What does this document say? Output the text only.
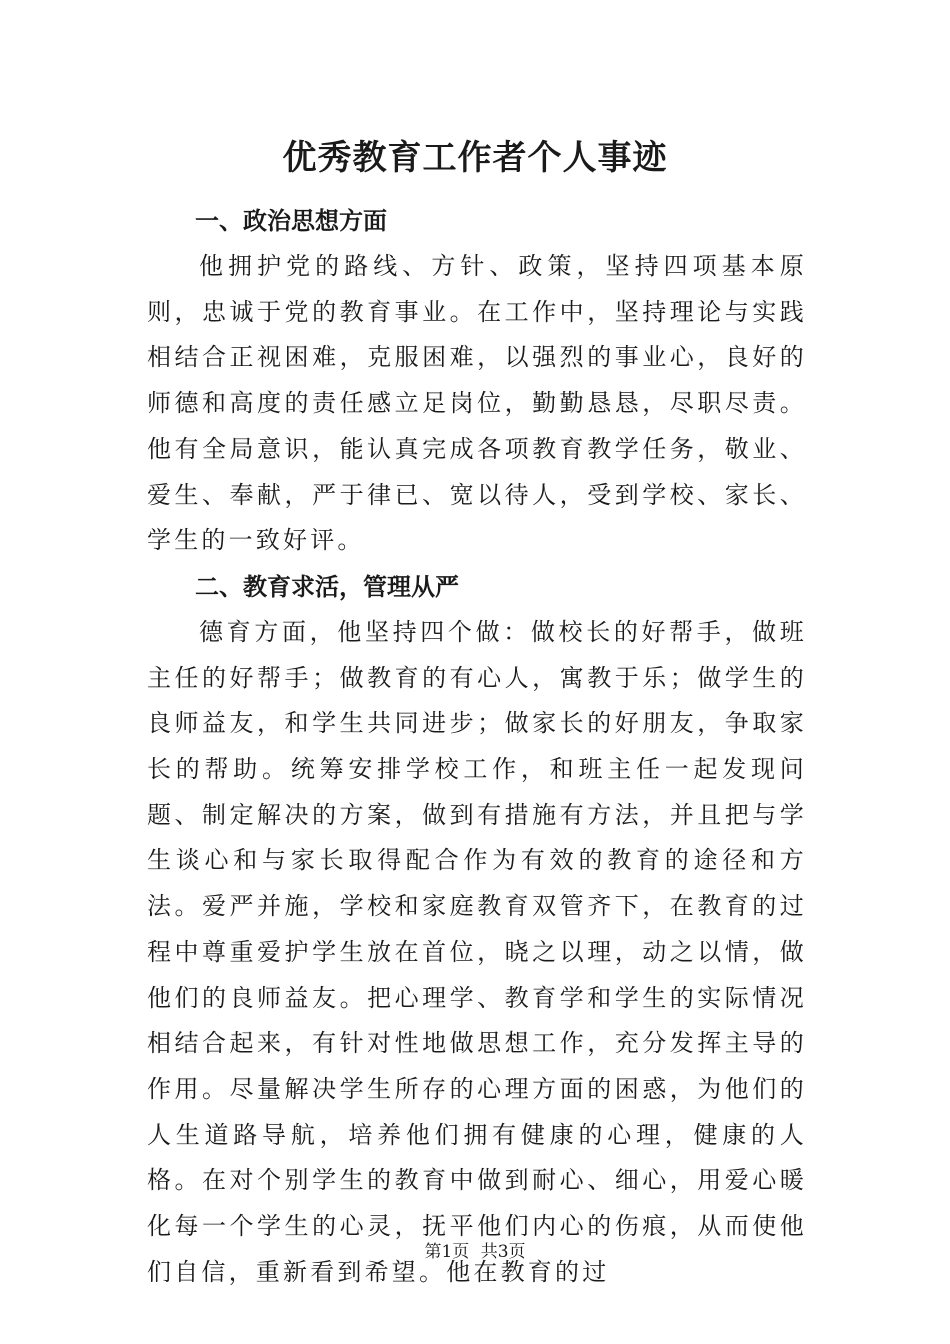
优秀教育工作者个人事迹

一、政治思想方面

他拥护党的路线、方针、政策，坚持四项基本原则，忠诚于党的教育事业。在工作中，坚持理论与实践相结合正视困难，克服困难，以强烈的事业心，良好的师德和高度的责任感立足岗位，勤勤恳恳，尽职尽责。他有全局意识，能认真完成各项教育教学任务，敬业、爱生、奉献，严于律已、宽以待人，受到学校、家长、学生的一致好评。

二、教育求活，管理从严

德育方面，他坚持四个做：做校长的好帮手，做班主任的好帮手；做教育的有心人，寓教于乐；做学生的良师益友，和学生共同进步；做家长的好朋友，争取家长的帮助。统筹安排学校工作，和班主任一起发现问题、制定解决的方案，做到有措施有方法，并且把与学生谈心和与家长取得配合作为有效的教育的途径和方法。爱严并施，学校和家庭教育双管齐下，在教育的过程中尊重爱护学生放在首位，晓之以理，动之以情，做他们的良师益友。把心理学、教育学和学生的实际情况相结合起来，有针对性地做思想工作，充分发挥主导的作用。尽量解决学生所存的心理方面的困惑，为他们的人生道路导航，培养他们拥有健康的心理，健康的人格。在对个别学生的教育中做到耐心、细心，用爱心暖化每一个学生的心灵，抚平他们内心的伤痕，从而使他们自信，重新看到希望。他在教育的过

第1页 共3页
